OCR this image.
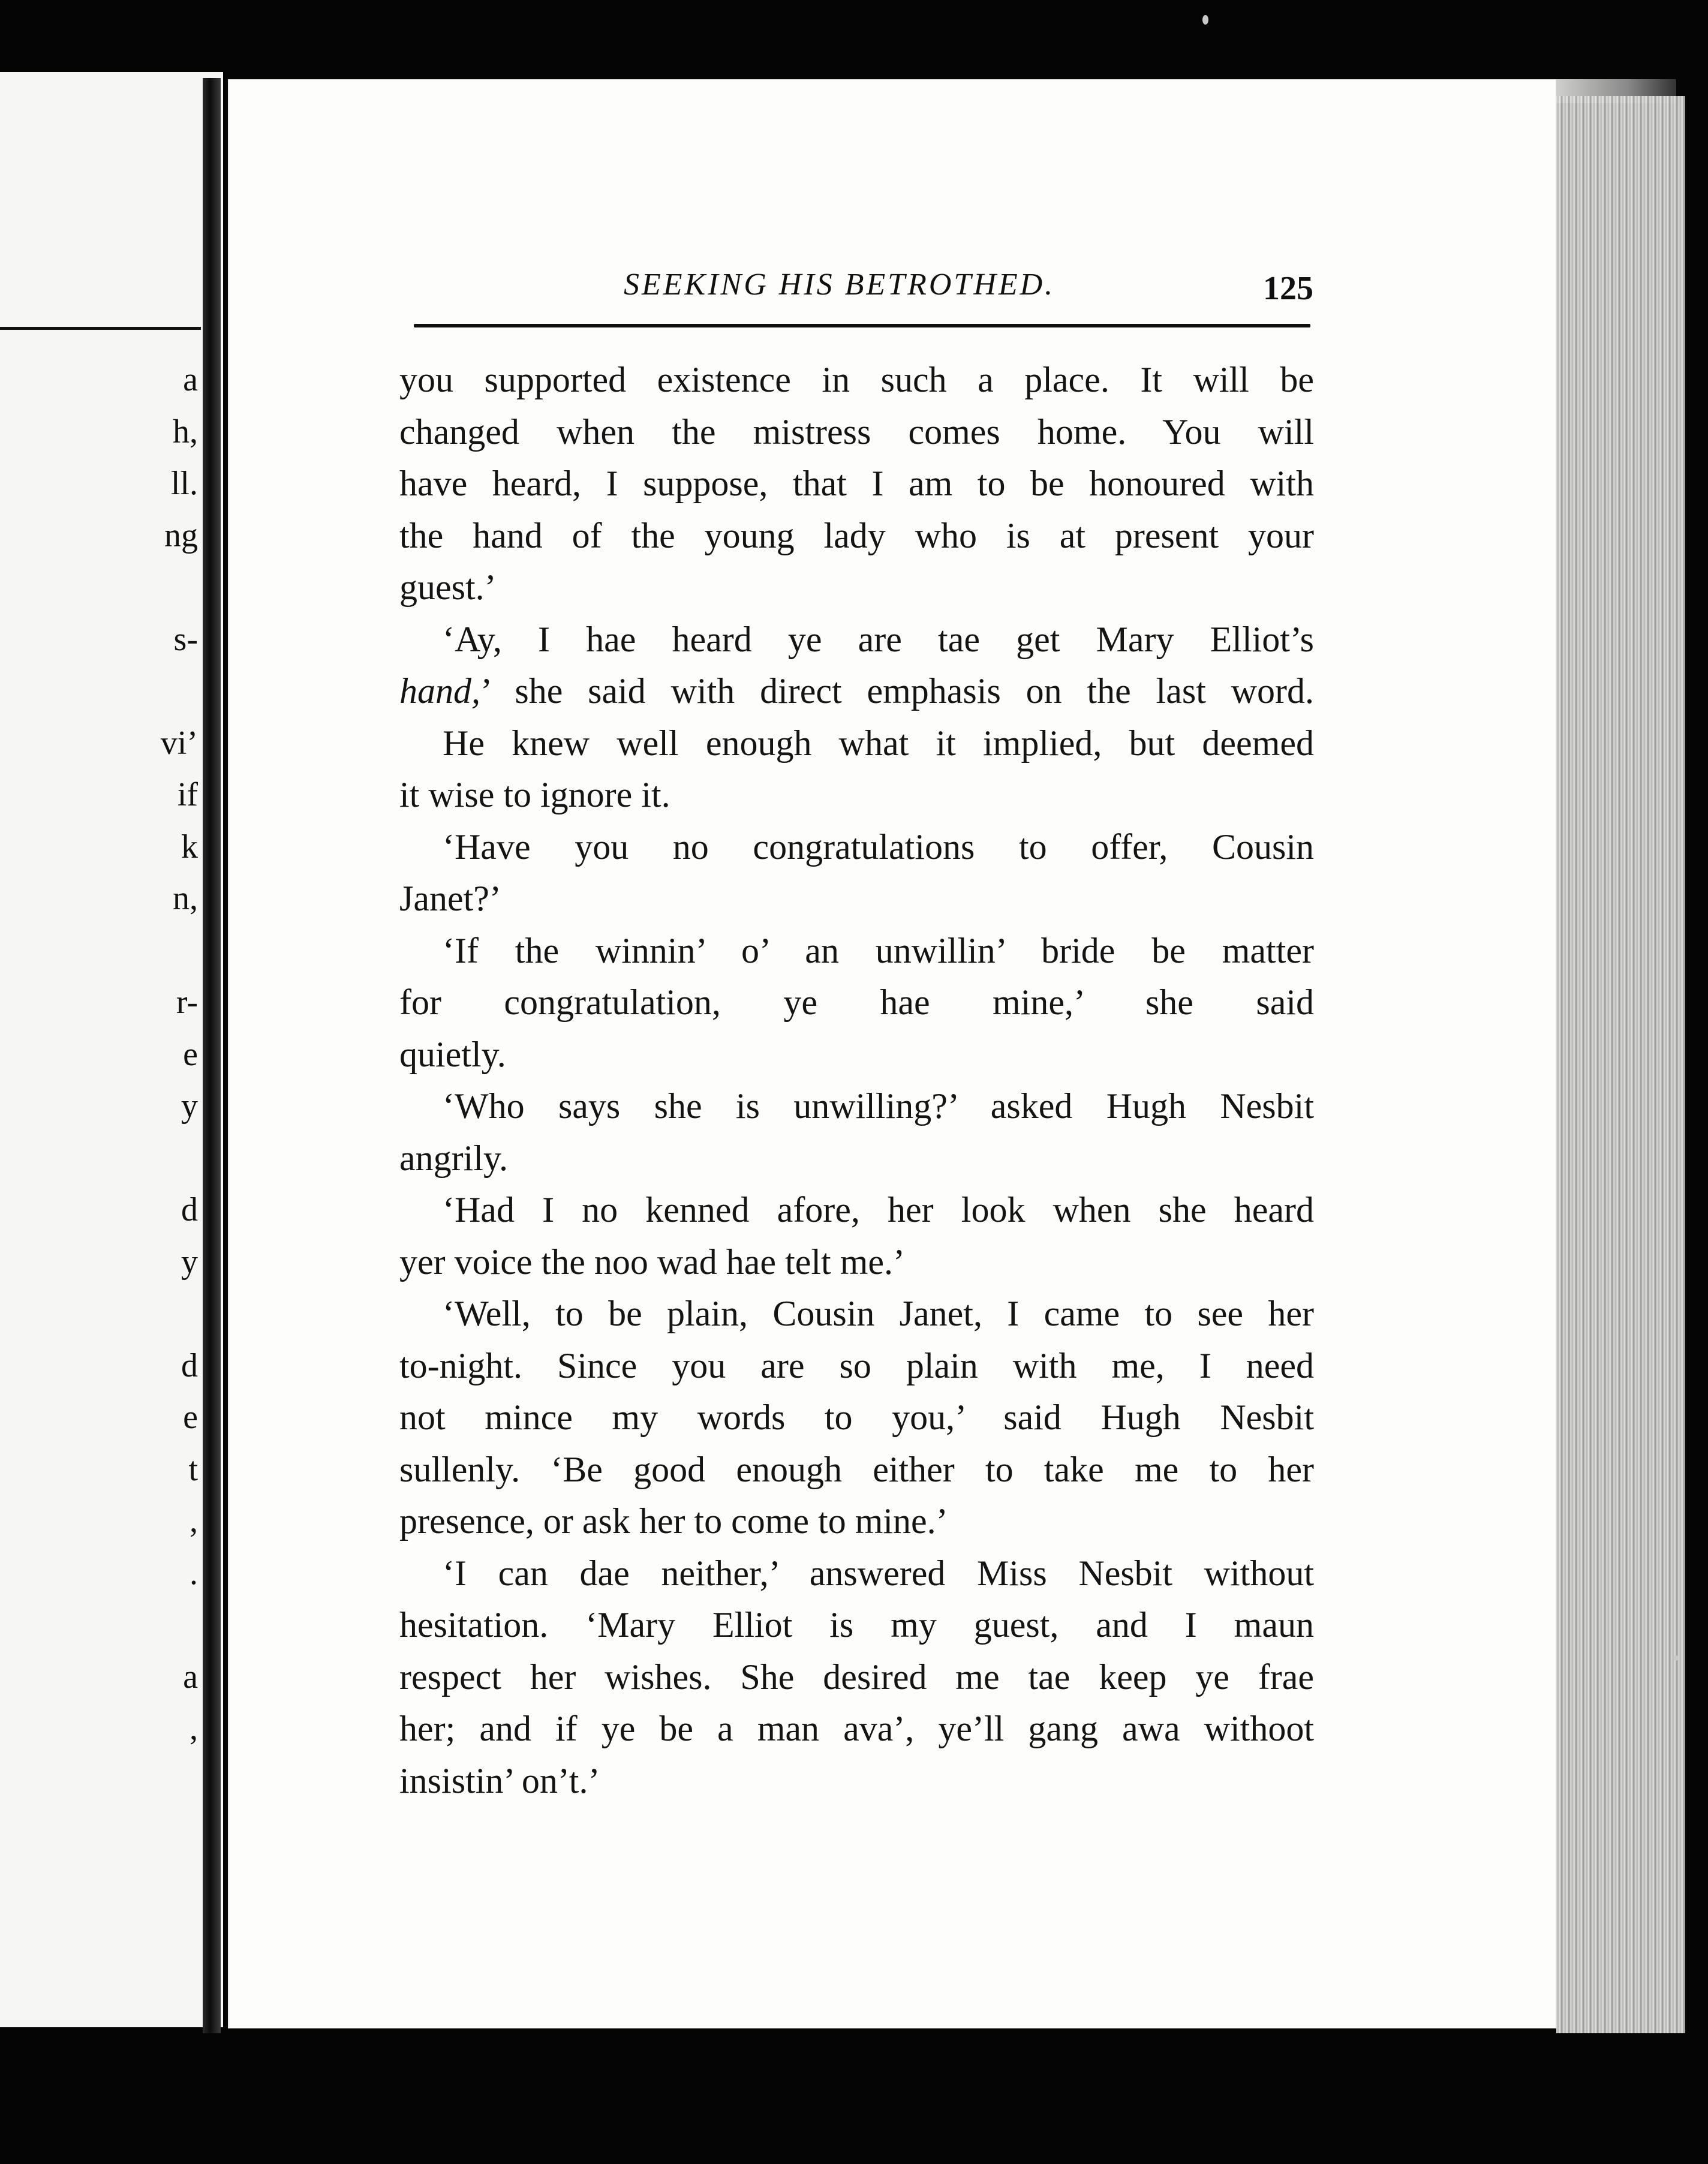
a
h,
ll.
ng
s-
vi’
if
k
n,
r-
e
y
d
y
d
e
t
,
.
a
,
SEEKING HIS BETROTHED.	125
you supported existence in such a place. It will be
changed when the mistress comes home. You will
have heard, I suppose, that I am to be honoured with
the hand of the young lady who is at present your
guest.’
‘Ay, I hae heard ye are tae get Mary Elliot’s
hand,’ she said with direct emphasis on the last word.
He knew well enough what it implied, but deemed
it wise to ignore it.
‘Have you no congratulations to offer, Cousin
Janet?’
‘If the winnin’ o’ an unwillin’ bride be matter
for congratulation, ye hae mine,’ she said
quietly.
‘Who says she is unwilling?’ asked Hugh Nesbit
angrily.
‘Had I no kenned afore, her look when she heard
yer voice the noo wad hae telt me.’
‘Well, to be plain, Cousin Janet, I came to see her
to-night. Since you are so plain with me, I need
not mince my words to you,’ said Hugh Nesbit
sullenly. ‘Be good enough either to take me to her
presence, or ask her to come to mine.’
‘I can dae neither,’ answered Miss Nesbit without
hesitation. ‘Mary Elliot is my guest, and I maun
respect her wishes. She desired me tae keep ye frae
her; and if ye be a man ava’, ye’ll gang awa withoot
insistin’ on’t.’
